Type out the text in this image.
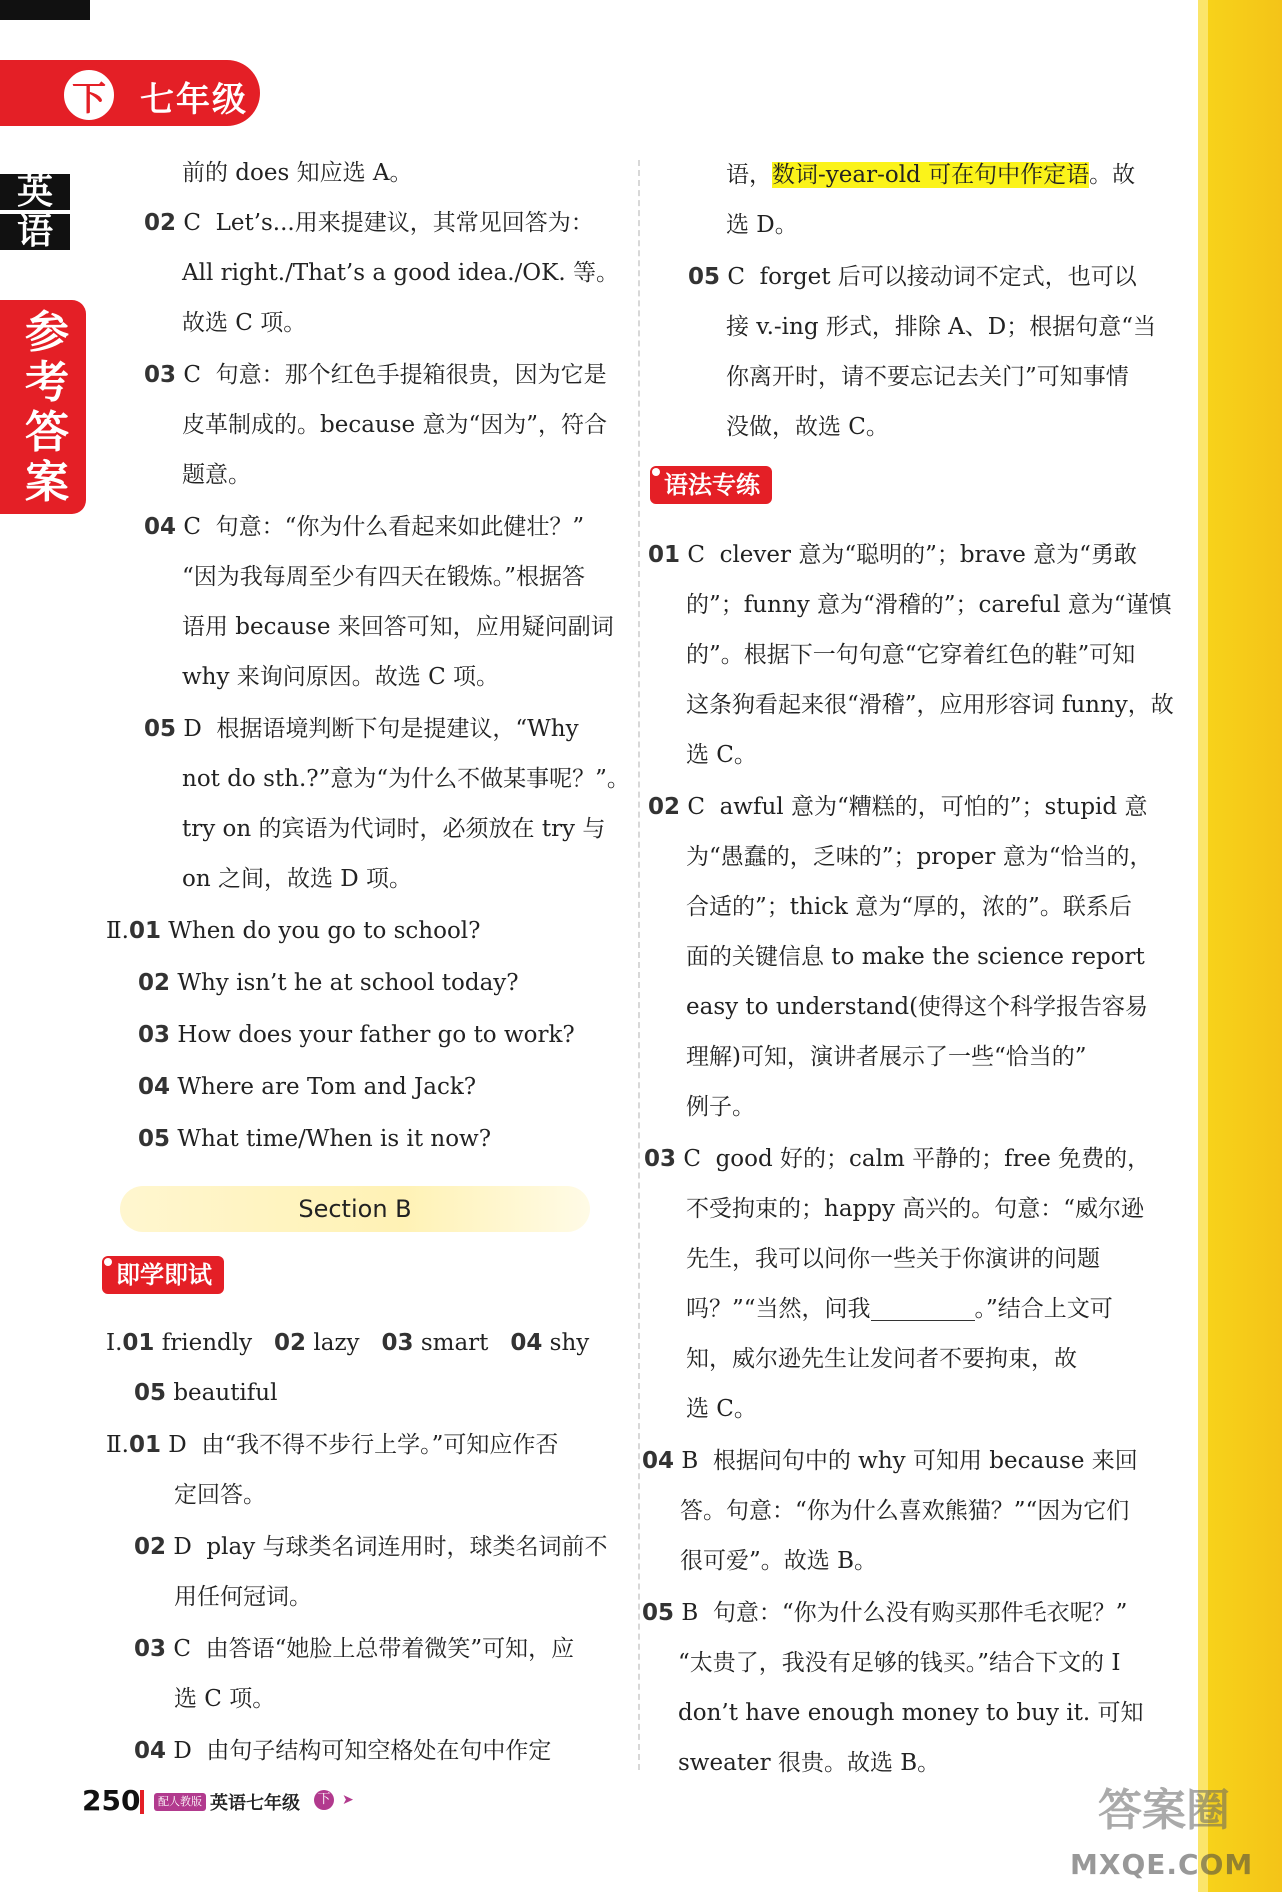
下	七年级
英
语
参
考
答
案
前的 does 知应选 A。
02 C Let’s...用来提建议，其常见回答为：
All right./That’s a good idea./OK. 等。
故选 C 项。
03 C 句意：那个红色手提箱很贵，因为它是
皮革制成的。because 意为“因为”，符合
题意。
04 C 句意：“你为什么看起来如此健壮？”
“因为我每周至少有四天在锻炼。”根据答
语用 because 来回答可知，应用疑问副词
why 来询问原因。故选 C 项。
05 D 根据语境判断下句是提建议，“Why
not do sth.?”意为“为什么不做某事呢？”。
try on 的宾语为代词时，必须放在 try 与
on 之间，故选 D 项。
Ⅱ.01 When do you go to school?
02 Why isn’t he at school today?
03 How does your father go to work?
04 Where are Tom and Jack?
05 What time/When is it now?
Ⅰ.01 friendly 02 lazy 03 smart 04 shy
05 beautiful
Ⅱ.01 D 由“我不得不步行上学。”可知应作否
定回答。
02 D play 与球类名词连用时，球类名词前不
用任何冠词。
03 C 由答语“她脸上总带着微笑”可知，应
选 C 项。
04 D 由句子结构可知空格处在句中作定
Section B
即学即试
语，数词-year-old 可在句中作定语。故
选 D。
05 C forget 后可以接动词不定式，也可以
接 v.-ing 形式，排除 A、D；根据句意“当
你离开时，请不要忘记去关门”可知事情
没做，故选 C。
01 C clever 意为“聪明的”；brave 意为“勇敢
的”；funny 意为“滑稽的”；careful 意为“谨慎
的”。根据下一句句意“它穿着红色的鞋”可知
这条狗看起来很“滑稽”，应用形容词 funny，故
选 C。
02 C awful 意为“糟糕的，可怕的”；stupid 意
为“愚蠢的，乏味的”；proper 意为“恰当的，
合适的”；thick 意为“厚的，浓的”。联系后
面的关键信息 to make the science report
easy to understand(使得这个科学报告容易
理解)可知，演讲者展示了一些“恰当的”
例子。
03 C good 好的；calm 平静的；free 免费的，
不受拘束的；happy 高兴的。句意：“威尔逊
先生，我可以问你一些关于你演讲的问题
吗？”“当然，问我	。”结合上文可
知，威尔逊先生让发问者不要拘束，故
选 C。
04 B 根据问句中的 why 可知用 because 来回
答。句意：“你为什么喜欢熊猫？”“因为它们
很可爱”。故选 B。
05 B 句意：“你为什么没有购买那件毛衣呢？”
“太贵了，我没有足够的钱买。”结合下文的 I
don’t have enough money to buy it. 可知
sweater 很贵。故选 B。
语法专练
250	配人教版 英语七年级 下 ➤	答案圈
MXQE.COM
